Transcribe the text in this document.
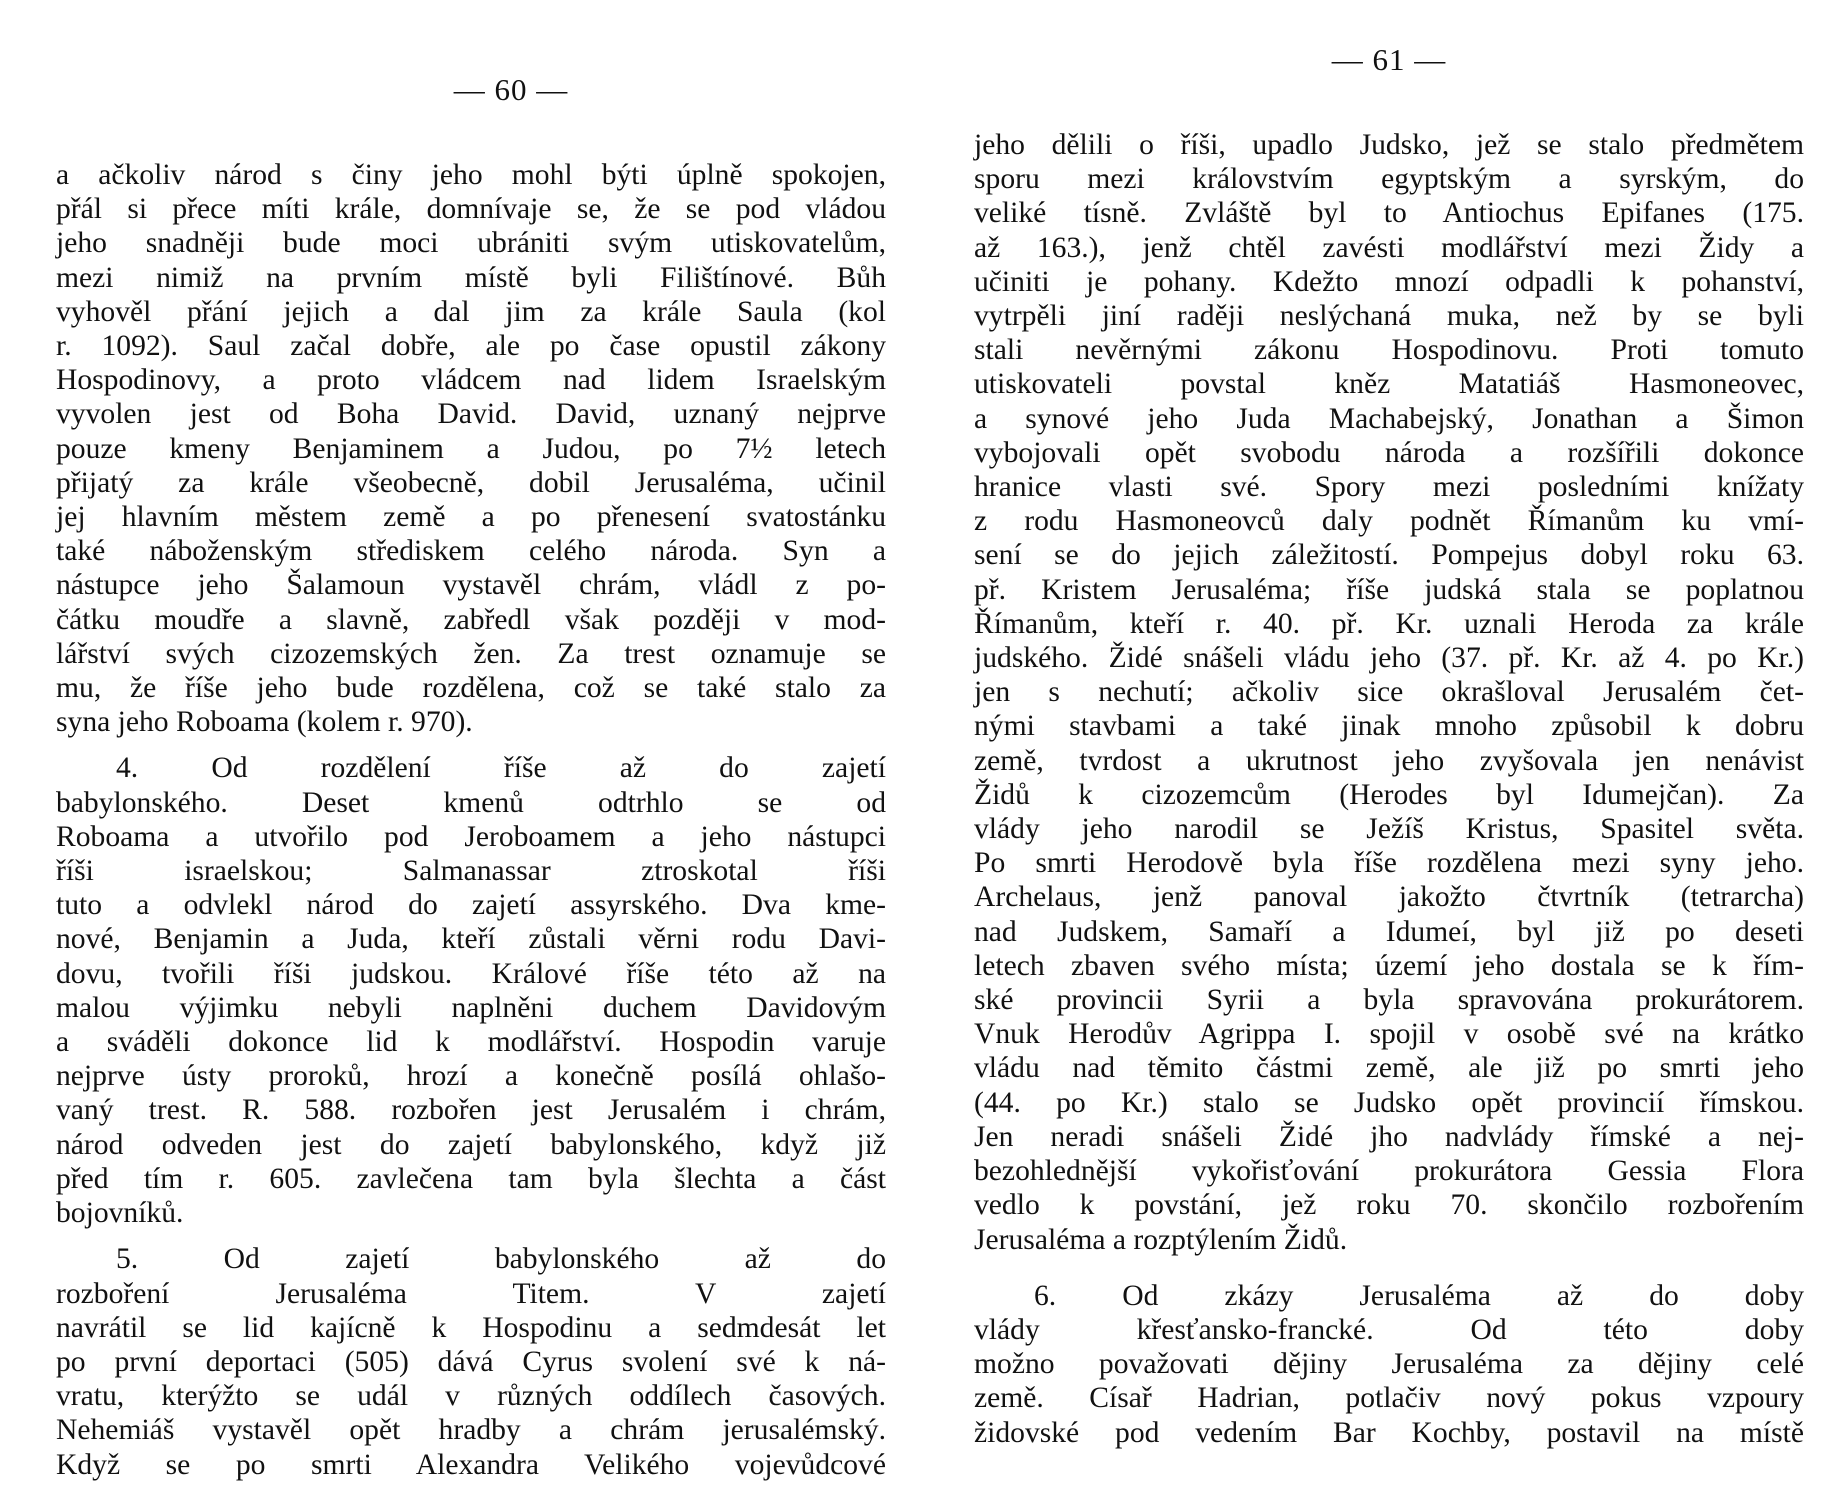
— 60 —
a ačkoliv národ s činy jeho mohl býti úplně spokojen,
přál si přece míti krále, domnívaje se, že se pod vládou
jeho snadněji bude moci ubrániti svým utiskovatelům,
mezi nimiž na prvním místě byli Filištínové. Bůh
vyhověl přání jejich a dal jim za krále Saula (kol
r. 1092). Saul začal dobře, ale po čase opustil zákony
Hospodinovy, a proto vládcem nad lidem Israelským
vyvolen jest od Boha David. David, uznaný nejprve
pouze kmeny Benjaminem a Judou, po 7½ letech
přijatý za krále všeobecně, dobil Jerusaléma, učinil
jej hlavním městem země a po přenesení svatostánku
také náboženským střediskem celého národa. Syn a
nástupce jeho Šalamoun vystavěl chrám, vládl z po-
čátku moudře a slavně, zabředl však později v mod-
lářství svých cizozemských žen. Za trest oznamuje se
mu, že říše jeho bude rozdělena, což se také stalo za
syna jeho Roboama (kolem r. 970).
4. Od rozdělení říše až do zajetí
babylonského. Deset kmenů odtrhlo se od
Roboama a utvořilo pod Jeroboamem a jeho nástupci
říši israelskou; Salmanassar ztroskotal říši
tuto a odvlekl národ do zajetí assyrského. Dva kme-
nové, Benjamin a Juda, kteří zůstali věrni rodu Davi-
dovu, tvořili říši judskou. Králové říše této až na
malou výjimku nebyli naplněni duchem Davidovým
a sváděli dokonce lid k modlářství. Hospodin varuje
nejprve ústy proroků, hrozí a konečně posílá ohlašo-
vaný trest. R. 588. rozbořen jest Jerusalém i chrám,
národ odveden jest do zajetí babylonského, když již
před tím r. 605. zavlečena tam byla šlechta a část
bojovníků.
5. Od zajetí babylonského až do
rozboření Jerusaléma Titem. V zajetí
navrátil se lid kajícně k Hospodinu a sedmdesát let
po první deportaci (505) dává Cyrus svolení své k ná-
vratu, kterýžto se udál v různých oddílech časových.
Nehemiáš vystavěl opět hradby a chrám jerusalémský.
Když se po smrti Alexandra Velikého vojevůdcové
— 61 —
jeho dělili o říši, upadlo Judsko, jež se stalo předmětem
sporu mezi královstvím egyptským a syrským, do
veliké tísně. Zvláště byl to Antiochus Epifanes (175.
až 163.), jenž chtěl zavésti modlářství mezi Židy a
učiniti je pohany. Kdežto mnozí odpadli k pohanství,
vytrpěli jiní raději neslýchaná muka, než by se byli
stali nevěrnými zákonu Hospodinovu. Proti tomuto
utiskovateli povstal kněz Matatiáš Hasmoneovec,
a synové jeho Juda Machabejský, Jonathan a Šimon
vybojovali opět svobodu národa a rozšířili dokonce
hranice vlasti své. Spory mezi posledními knížaty
z rodu Hasmoneovců daly podnět Římanům ku vmí-
sení se do jejich záležitostí. Pompejus dobyl roku 63.
př. Kristem Jerusaléma; říše judská stala se poplatnou
Římanům, kteří r. 40. př. Kr. uznali Heroda za krále
judského. Židé snášeli vládu jeho (37. př. Kr. až 4. po Kr.)
jen s nechutí; ačkoliv sice okrašloval Jerusalém čet-
nými stavbami a také jinak mnoho způsobil k dobru
země, tvrdost a ukrutnost jeho zvyšovala jen nenávist
Židů k cizozemcům (Herodes byl Idumejčan). Za
vlády jeho narodil se Ježíš Kristus, Spasitel světa.
Po smrti Herodově byla říše rozdělena mezi syny jeho.
Archelaus, jenž panoval jakožto čtvrtník (tetrarcha)
nad Judskem, Samaří a Idumeí, byl již po deseti
letech zbaven svého místa; území jeho dostala se k řím-
ské provincii Syrii a byla spravována prokurátorem.
Vnuk Herodův Agrippa I. spojil v osobě své na krátko
vládu nad těmito částmi země, ale již po smrti jeho
(44. po Kr.) stalo se Judsko opět provincií římskou.
Jen neradi snášeli Židé jho nadvlády římské a nej-
bezohlednější vykořisťování prokurátora Gessia Flora
vedlo k povstání, jež roku 70. skončilo rozbořením
Jerusaléma a rozptýlením Židů.
6. Od zkázy Jerusaléma až do doby
vlády křesťansko-francké. Od této doby
možno považovati dějiny Jerusaléma za dějiny celé
země. Císař Hadrian, potlačiv nový pokus vzpoury
židovské pod vedením Bar Kochby, postavil na místě
